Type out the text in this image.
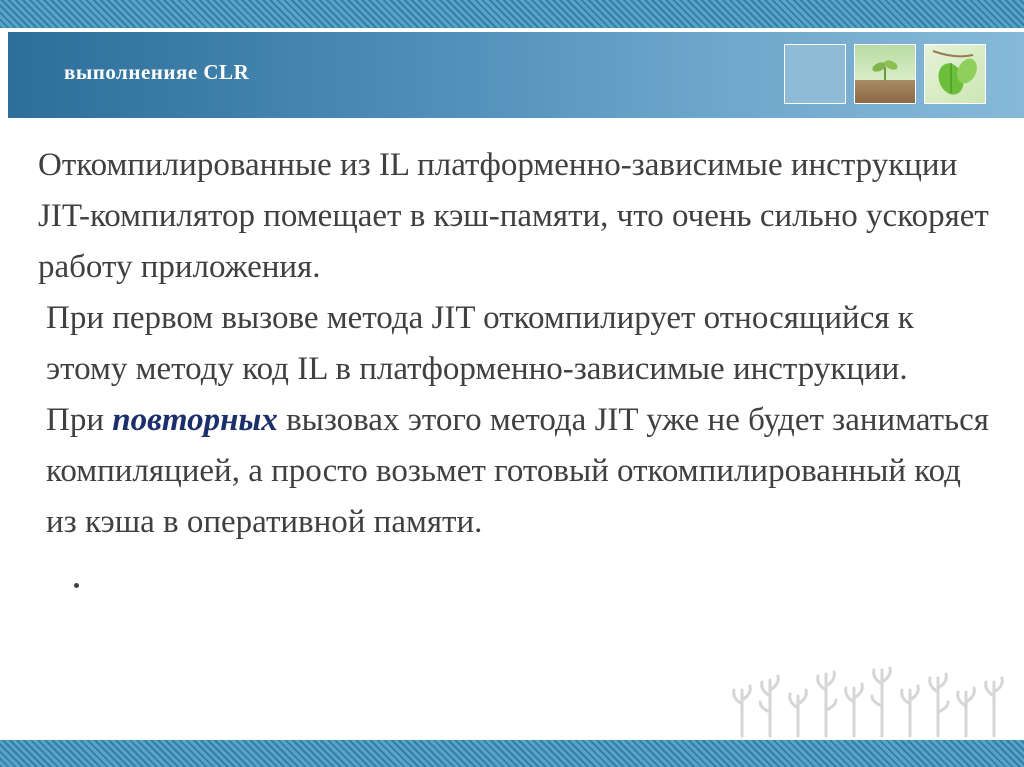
выполненияе CLR

Откомпилированные из IL платформенно-зависимые инструкции JIT-компилятор помещает в кэш-памяти, что очень сильно ускоряет работу приложения.

При первом вызове метода JIT откомпилирует относящийся к этому методу код IL в платформенно-зависимые инструкции.

При повторных вызовах этого метода JIT уже не будет заниматься компиляцией, а просто возьмет готовый откомпилированный код из кэша в оперативной памяти.
